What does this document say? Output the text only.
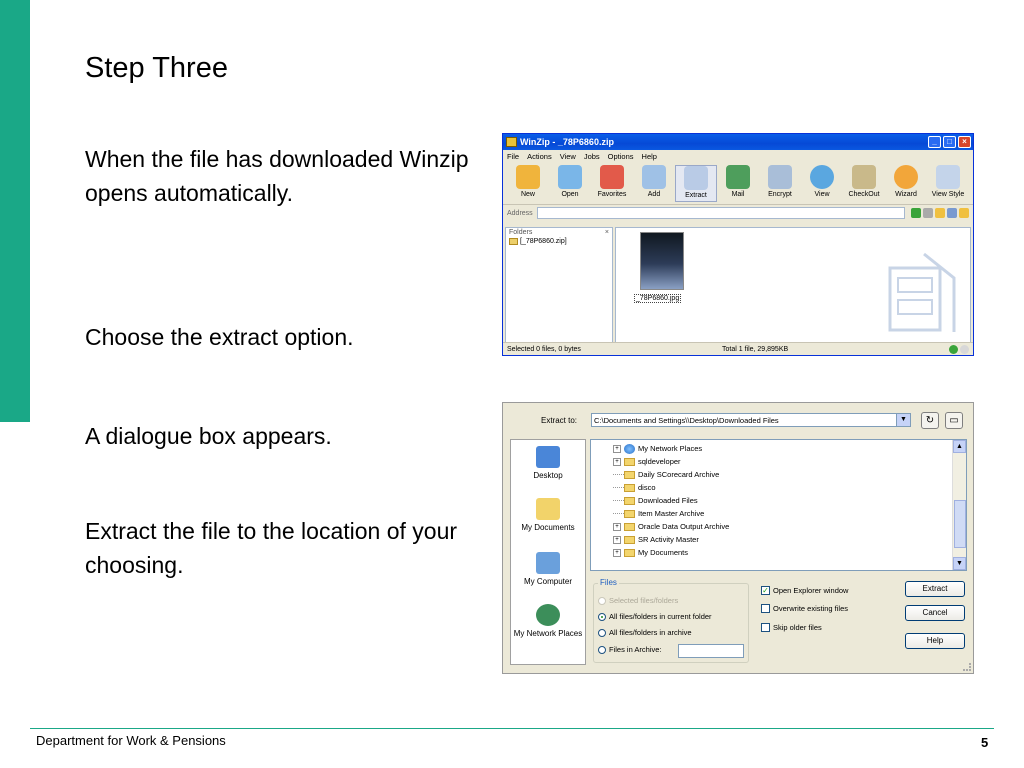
Step Three
When the file has downloaded Winzip opens automatically.
Choose the extract option.
A dialogue box appears.
Extract the file to the location of your choosing.
WinZip - _78P6860.zip	_	□	×
File Actions View Jobs Options Help
New	Open	Favorites	Add	Extract	Mail	Encrypt	View	CheckOut Wizard View Style
Address
Folders	×
[_78P6860.zip]
_78P6860.jpg
Selected 0 files, 0 bytes	Total 1 file, 29,895KB
Extract to: C:\Documents and Settings\\Desktop\Downloaded Files	▼	↻	▭
Desktop
My Documents
My Computer
My Network Places
+	My Network Places
+	sqldeveloper
Daily SCorecard Archive
disco
Downloaded Files
Item Master Archive
+	Oracle Data Output Archive
+	SR Activity Master
+	My Documents
▲
▼
Files
Selected files/folders
All files/folders in current folder
All files/folders in archive
Files in Archive:
✓ Open Explorer window
Overwrite existing files
Skip older files
Extract
Cancel
Help
Department for Work & Pensions	5
